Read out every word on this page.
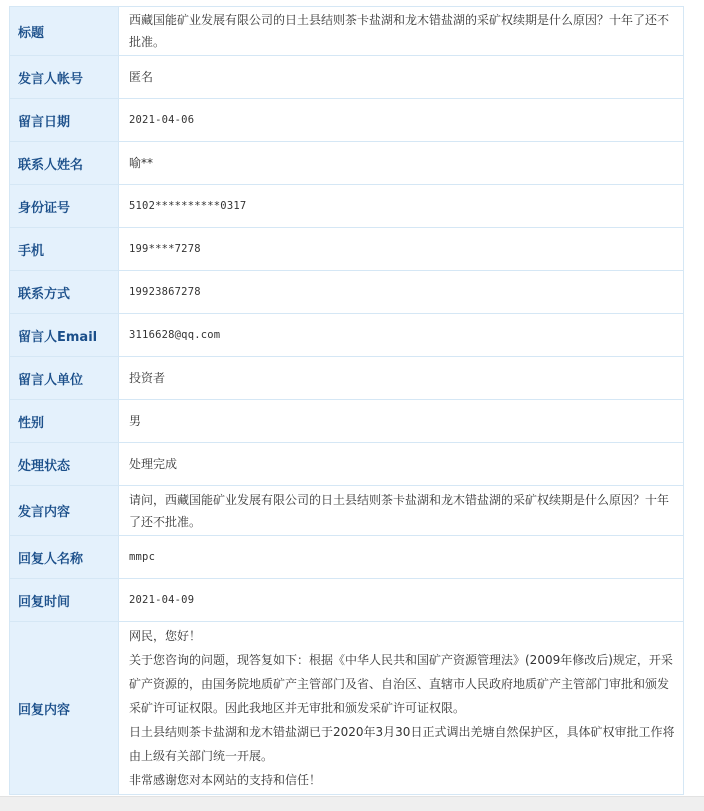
标题	西藏国能矿业发展有限公司的日土县结则茶卡盐湖和龙木错盐湖的采矿权续期是什么原因？十年了还不批准。
发言人帐号	匿名
留言日期	2021-04-06
联系人姓名	喻**
身份证号	5102**********0317
手机	199****7278
联系方式	19923867278
留言人Email	3116628@qq.com
留言人单位	投资者
性别	男
处理状态	处理完成
发言内容	请问，西藏国能矿业发展有限公司的日土县结则茶卡盐湖和龙木错盐湖的采矿权续期是什么原因？十年了还不批准。
回复人名称	mmpc
回复时间	2021-04-09
回复内容	网民，您好！
关于您咨询的问题，现答复如下：根据《中华人民共和国矿产资源管理法》(2009年修改后)规定，开采矿产资源的，由国务院地质矿产主管部门及省、自治区、直辖市人民政府地质矿产主管部门审批和颁发采矿许可证权限。因此我地区并无审批和颁发采矿许可证权限。
日土县结则茶卡盐湖和龙木错盐湖已于2020年3月30日正式调出羌塘自然保护区，具体矿权审批工作将由上级有关部门统一开展。
非常感谢您对本网站的支持和信任！
